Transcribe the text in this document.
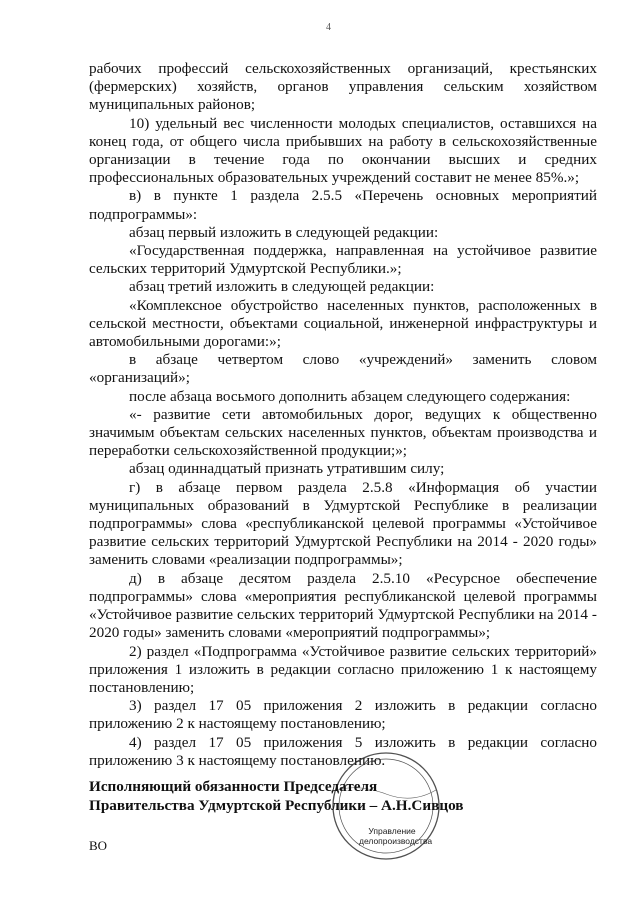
4

рабочих профессий сельскохозяйственных организаций, крестьянских (фермерских) хозяйств, органов управления сельским хозяйством муниципальных районов;

10) удельный вес численности молодых специалистов, оставшихся на конец года, от общего числа прибывших на работу в сельскохозяйственные организации в течение года по окончании высших и средних профессиональных образовательных учреждений составит не менее 85%.»;

в) в пункте 1 раздела 2.5.5 «Перечень основных мероприятий подпрограммы»:

абзац первый изложить в следующей редакции:

«Государственная поддержка, направленная на устойчивое развитие сельских территорий Удмуртской Республики.»;

абзац третий изложить в следующей редакции:

«Комплексное обустройство населенных пунктов, расположенных в сельской местности, объектами социальной, инженерной инфраструктуры и автомобильными дорогами:»;

в абзаце четвертом слово «учреждений» заменить словом «организаций»;

после абзаца восьмого дополнить абзацем следующего содержания:

«- развитие сети автомобильных дорог, ведущих к общественно значимым объектам сельских населенных пунктов, объектам производства и переработки сельскохозяйственной продукции;»;

абзац одиннадцатый признать утратившим силу;

г) в абзаце первом раздела 2.5.8 «Информация об участии муниципальных образований в Удмуртской Республике в реализации подпрограммы» слова «республиканской целевой программы «Устойчивое развитие сельских территорий Удмуртской Республики на 2014 - 2020 годы» заменить словами «реализации подпрограммы»;

д) в абзаце десятом раздела 2.5.10 «Ресурсное обеспечение подпрограммы» слова «мероприятия республиканской целевой программы «Устойчивое развитие сельских территорий Удмуртской Республики на 2014 - 2020 годы» заменить словами «мероприятий подпрограммы»;

2) раздел «Подпрограмма «Устойчивое развитие сельских территорий» приложения 1 изложить в редакции согласно приложению 1 к настоящему постановлению;

3) раздел 17 05 приложения 2 изложить в редакции согласно приложению 2 к настоящему постановлению;

4) раздел 17 05 приложения 5 изложить в редакции согласно приложению 3 к настоящему постановлению.

Управление
делопроизводства
Исполняющий обязанности Председателя
Правительства Удмуртской Республики – А.Н.Сивцов
ВО
